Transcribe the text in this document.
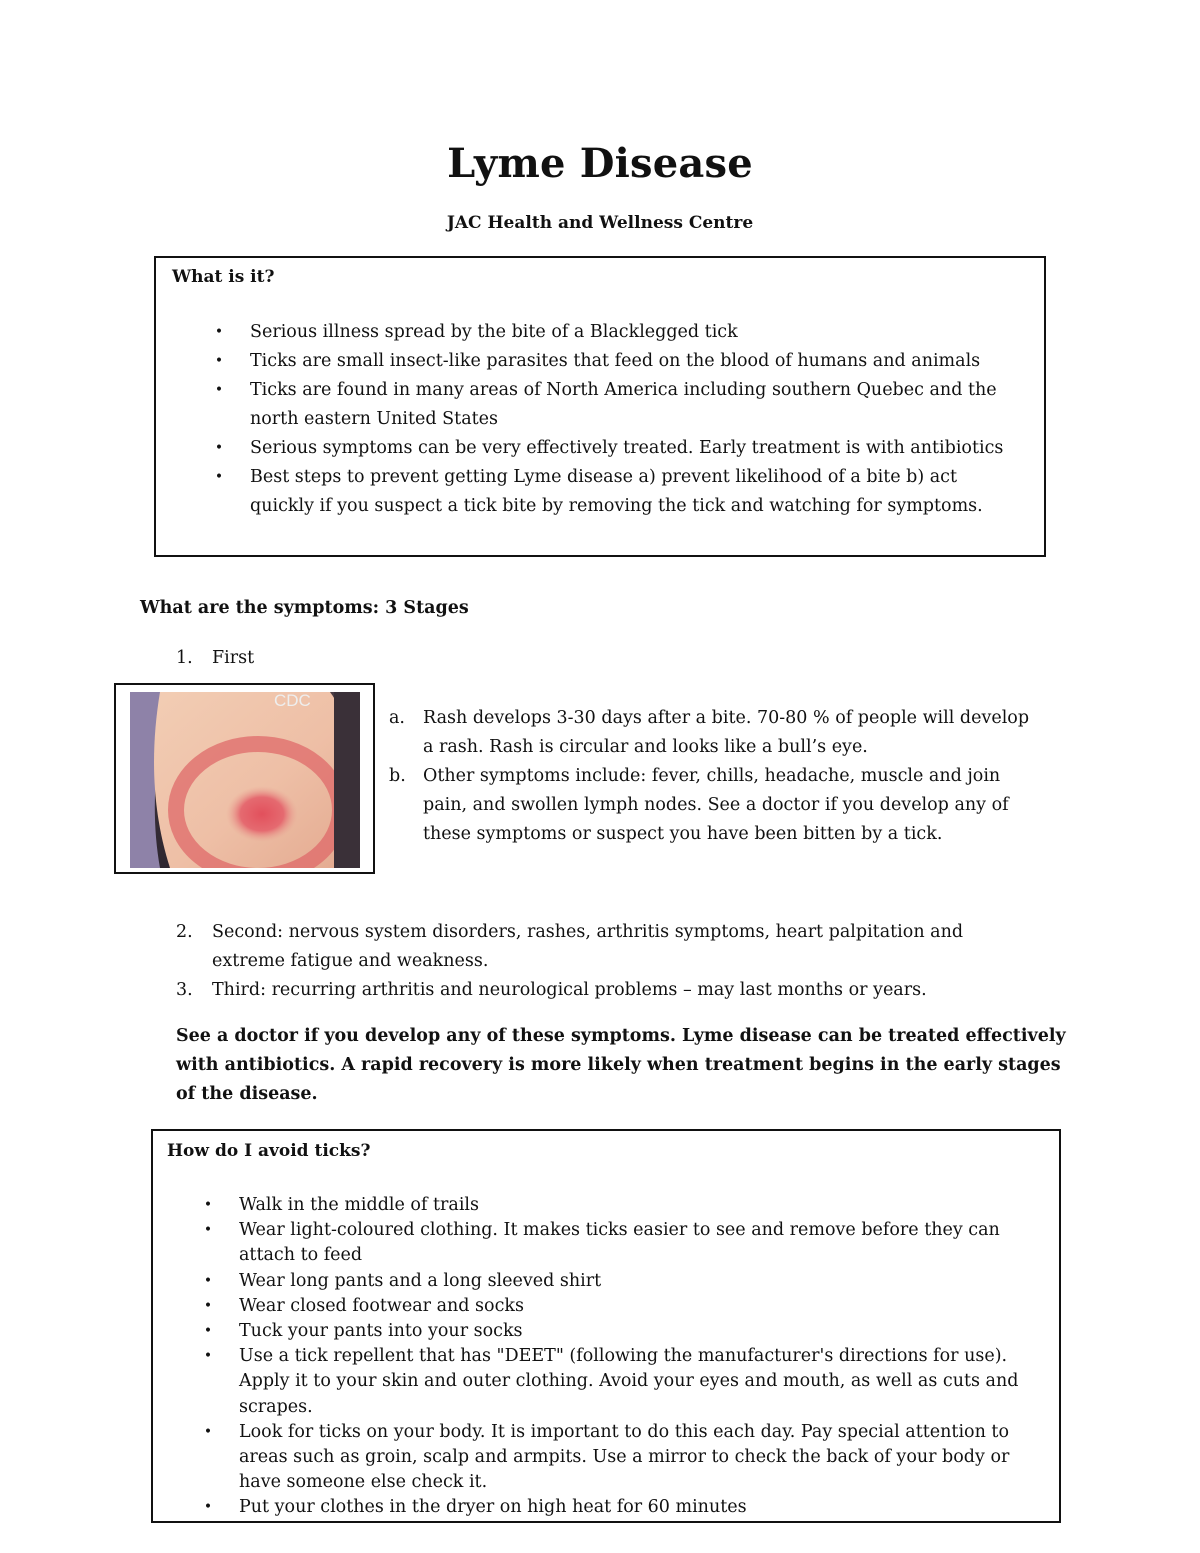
Lyme Disease
JAC Health and Wellness Centre
What is it?
• Serious illness spread by the bite of a Blacklegged tick
• Ticks are small insect-like parasites that feed on the blood of humans and animals
• Ticks are found in many areas of North America including southern Quebec and the north eastern United States
• Serious symptoms can be very effectively treated. Early treatment is with antibiotics
• Best steps to prevent getting Lyme disease a) prevent likelihood of a bite b) act quickly if you suspect a tick bite by removing the tick and watching for symptoms.
What are the symptoms: 3 Stages
1.	First
CDC
a. Rash develops 3-30 days after a bite. 70-80 % of people will develop a rash. Rash is circular and looks like a bull’s eye.
b. Other symptoms include: fever, chills, headache, muscle and join pain, and swollen lymph nodes. See a doctor if you develop any of these symptoms or suspect you have been bitten by a tick.
2.	Second: nervous system disorders, rashes, arthritis symptoms, heart palpitation and extreme fatigue and weakness.
3.	Third: recurring arthritis and neurological problems – may last months or years.
See a doctor if you develop any of these symptoms. Lyme disease can be treated effectively with antibiotics. A rapid recovery is more likely when treatment begins in the early stages of the disease.
How do I avoid ticks?
• Walk in the middle of trails
• Wear light-coloured clothing. It makes ticks easier to see and remove before they can attach to feed
• Wear long pants and a long sleeved shirt
• Wear closed footwear and socks
• Tuck your pants into your socks
• Use a tick repellent that has "DEET" (following the manufacturer's directions for use). Apply it to your skin and outer clothing. Avoid your eyes and mouth, as well as cuts and scrapes.
• Look for ticks on your body. It is important to do this each day. Pay special attention to areas such as groin, scalp and armpits. Use a mirror to check the back of your body or have someone else check it.
• Put your clothes in the dryer on high heat for 60 minutes
